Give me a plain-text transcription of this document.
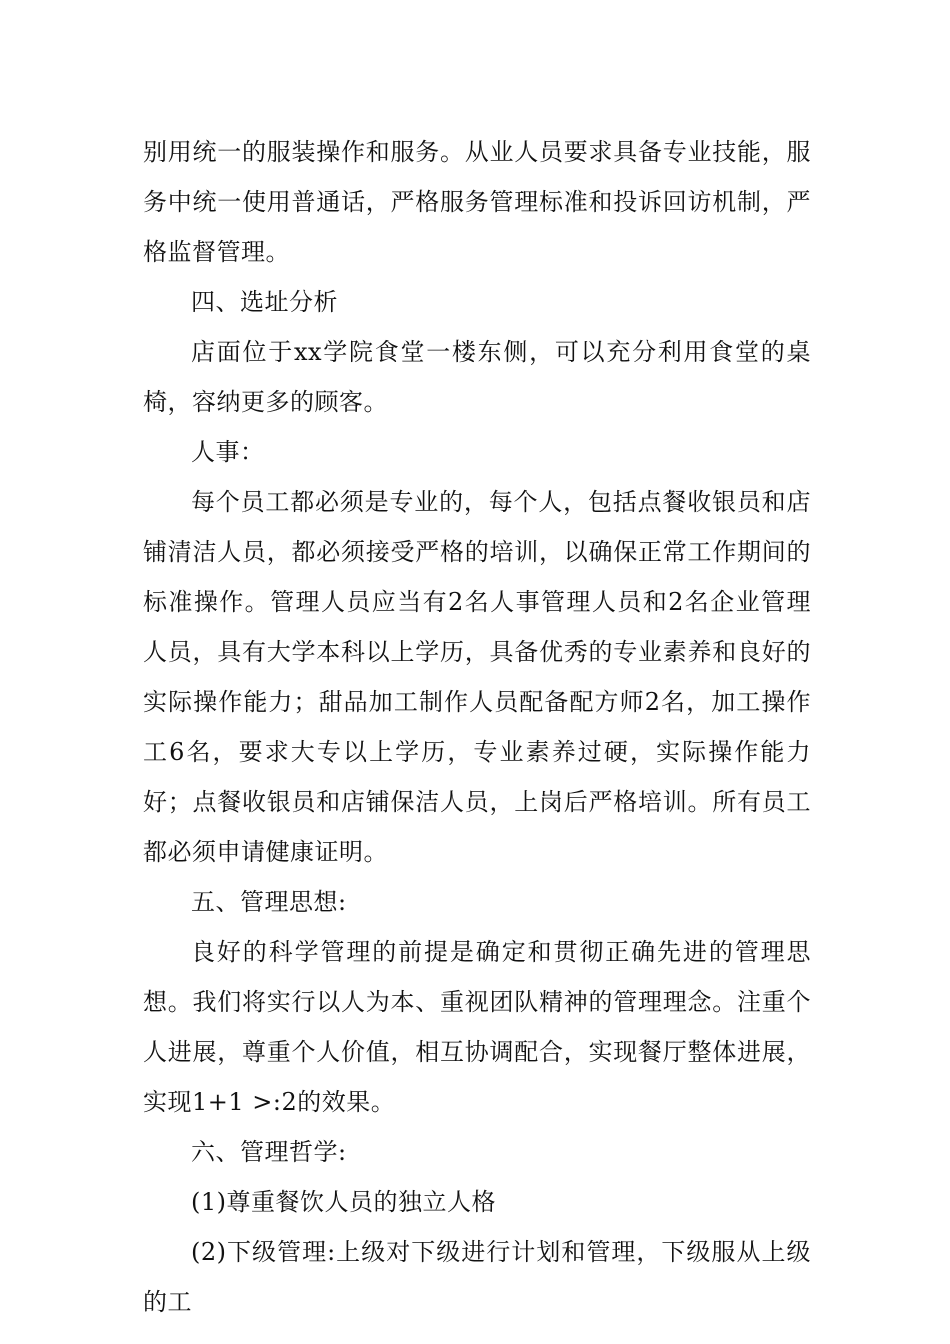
别用统一的服装操作和服务。从业人员要求具备专业技能，服务中统一使用普通话，严格服务管理标准和投诉回访机制，严格监督管理。

四、选址分析

店面位于xx学院食堂一楼东侧，可以充分利用食堂的桌椅，容纳更多的顾客。

人事：

每个员工都必须是专业的，每个人，包括点餐收银员和店铺清洁人员，都必须接受严格的培训，以确保正常工作期间的标准操作。管理人员应当有2名人事管理人员和2名企业管理人员，具有大学本科以上学历，具备优秀的专业素养和良好的实际操作能力；甜品加工制作人员配备配方师2名，加工操作工6名，要求大专以上学历，专业素养过硬，实际操作能力好；点餐收银员和店铺保洁人员，上岗后严格培训。所有员工都必须申请健康证明。

五、管理思想:

良好的科学管理的前提是确定和贯彻正确先进的管理思想。我们将实行以人为本、重视团队精神的管理理念。注重个人进展，尊重个人价值，相互协调配合，实现餐厅整体进展，实现1+1 >:2的效果。

六、管理哲学:

(1)尊重餐饮人员的独立人格

(2)下级管理:上级对下级进行计划和管理，下级服从上级的工
